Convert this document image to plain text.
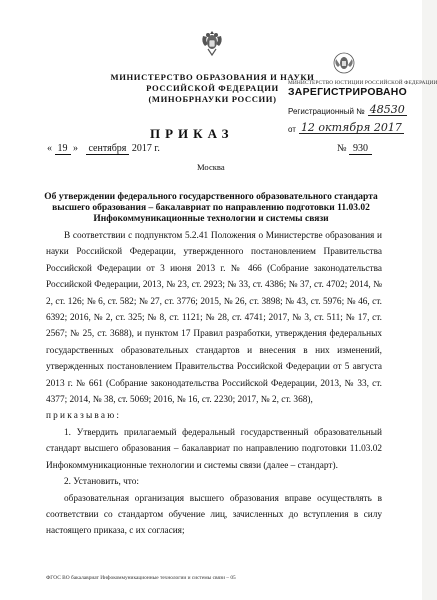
МИНИСТЕРСТВО ОБРАЗОВАНИЯ И НАУКИ
РОССИЙСКОЙ ФЕДЕРАЦИИ
(МИНОБРНАУКИ РОССИИ)
МИНИСТЕРСТВО ЮСТИЦИИ РОССИЙСКОЙ ФЕДЕРАЦИИ
ЗАРЕГИСТРИРОВАНО
Регистрационный № 48530
от 12 октября 2017
ПРИКАЗ
« 19 » сентября 2017 г.	№ 930
Москва
Об утверждении федерального государственного образовательного стандарта высшего образования – бакалавриат по направлению подготовки 11.03.02 Инфокоммуникационные технологии и системы связи

В соответствии с подпунктом 5.2.41 Положения о Министерстве образования и науки Российской Федерации, утвержденного постановлением Правительства Российской Федерации от 3 июня 2013 г. № 466 (Собрание законодательства Российской Федерации, 2013, № 23, ст. 2923; № 33, ст. 4386; № 37, ст. 4702; 2014, № 2, ст. 126; № 6, ст. 582; № 27, ст. 3776; 2015, № 26, ст. 3898; № 43, ст. 5976; № 46, ст. 6392; 2016, № 2, ст. 325; № 8, ст. 1121; № 28, ст. 4741; 2017, № 3, ст. 511; № 17, ст. 2567; № 25, ст. 3688), и пунктом 17 Правил разработки, утверждения федеральных государственных образовательных стандартов и внесения в них изменений, утвержденных постановлением Правительства Российской Федерации от 5 августа 2013 г. № 661 (Собрание законодательства Российской Федерации, 2013, № 33, ст. 4377; 2014, № 38, ст. 5069; 2016, № 16, ст. 2230; 2017, № 2, ст. 368),

приказываю:

1. Утвердить прилагаемый федеральный государственный образовательный стандарт высшего образования – бакалавриат по направлению подготовки 11.03.02 Инфокоммуникационные технологии и системы связи (далее – стандарт).

2. Установить, что:

образовательная организация высшего образования вправе осуществлять в соответствии со стандартом обучение лиц, зачисленных до вступления в силу настоящего приказа, с их согласия;

ФГОС ВО бакалавриат Инфокоммуникационные технологии и системы связи – 05
